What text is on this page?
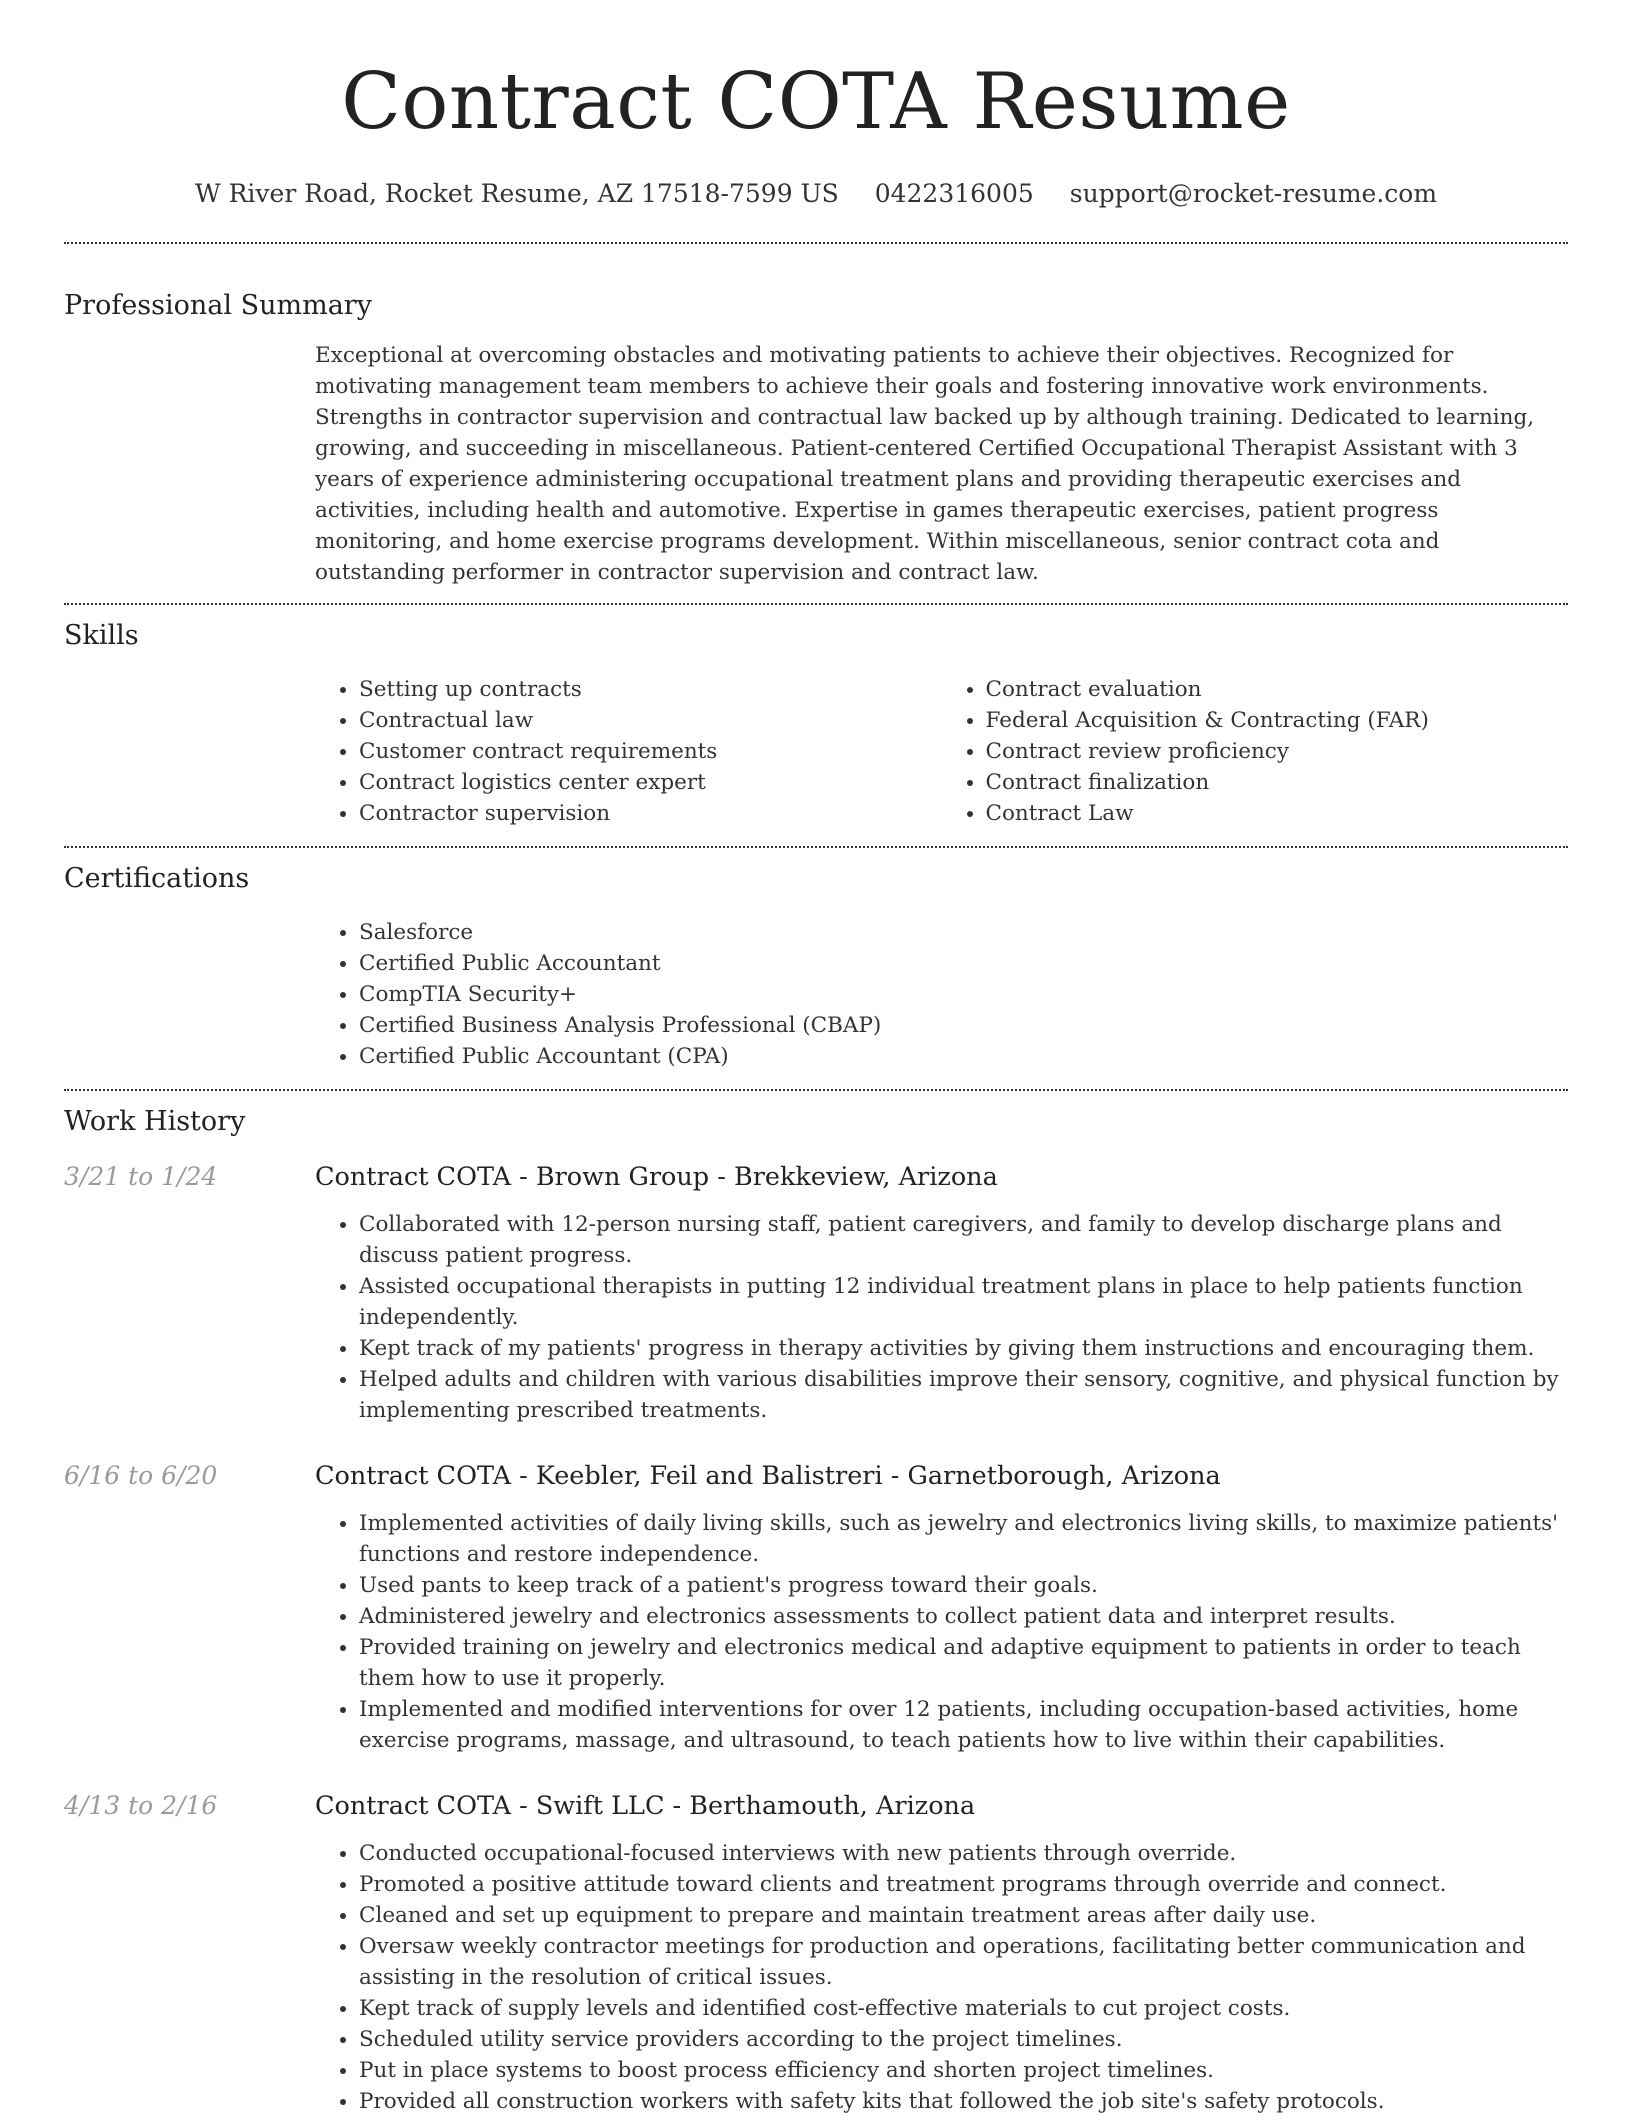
Contract COTA Resume
W River Road, Rocket Resume, AZ 17518-7599 US 0422316005 support@rocket-resume.com
Professional Summary
Exceptional at overcoming obstacles and motivating patients to achieve their objectives. Recognized for motivating management team members to achieve their goals and fostering innovative work environments. Strengths in contractor supervision and contractual law backed up by although training. Dedicated to learning, growing, and succeeding in miscellaneous. Patient-centered Certified Occupational Therapist Assistant with 3 years of experience administering occupational treatment plans and providing therapeutic exercises and activities, including health and automotive. Expertise in games therapeutic exercises, patient progress monitoring, and home exercise programs development. Within miscellaneous, senior contract cota and outstanding performer in contractor supervision and contract law.
Skills
• Setting up contracts
• Contractual law
• Customer contract requirements
• Contract logistics center expert
• Contractor supervision
• Contract evaluation
• Federal Acquisition & Contracting (FAR)
• Contract review proficiency
• Contract finalization
• Contract Law
Certifications
• Salesforce
• Certified Public Accountant
• CompTIA Security+
• Certified Business Analysis Professional (CBAP)
• Certified Public Accountant (CPA)
Work History
3/21 to 1/24	Contract COTA - Brown Group - Brekkeview, Arizona
• Collaborated with 12-person nursing staff, patient caregivers, and family to develop discharge plans and discuss patient progress.
• Assisted occupational therapists in putting 12 individual treatment plans in place to help patients function independently.
• Kept track of my patients' progress in therapy activities by giving them instructions and encouraging them.
• Helped adults and children with various disabilities improve their sensory, cognitive, and physical function by implementing prescribed treatments.
6/16 to 6/20	Contract COTA - Keebler, Feil and Balistreri - Garnetborough, Arizona
• Implemented activities of daily living skills, such as jewelry and electronics living skills, to maximize patients' functions and restore independence.
• Used pants to keep track of a patient's progress toward their goals.
• Administered jewelry and electronics assessments to collect patient data and interpret results.
• Provided training on jewelry and electronics medical and adaptive equipment to patients in order to teach them how to use it properly.
• Implemented and modified interventions for over 12 patients, including occupation-based activities, home exercise programs, massage, and ultrasound, to teach patients how to live within their capabilities.
4/13 to 2/16	Contract COTA - Swift LLC - Berthamouth, Arizona
• Conducted occupational-focused interviews with new patients through override.
• Promoted a positive attitude toward clients and treatment programs through override and connect.
• Cleaned and set up equipment to prepare and maintain treatment areas after daily use.
• Oversaw weekly contractor meetings for production and operations, facilitating better communication and assisting in the resolution of critical issues.
• Kept track of supply levels and identified cost-effective materials to cut project costs.
• Scheduled utility service providers according to the project timelines.
• Put in place systems to boost process efficiency and shorten project timelines.
• Provided all construction workers with safety kits that followed the job site's safety protocols.
